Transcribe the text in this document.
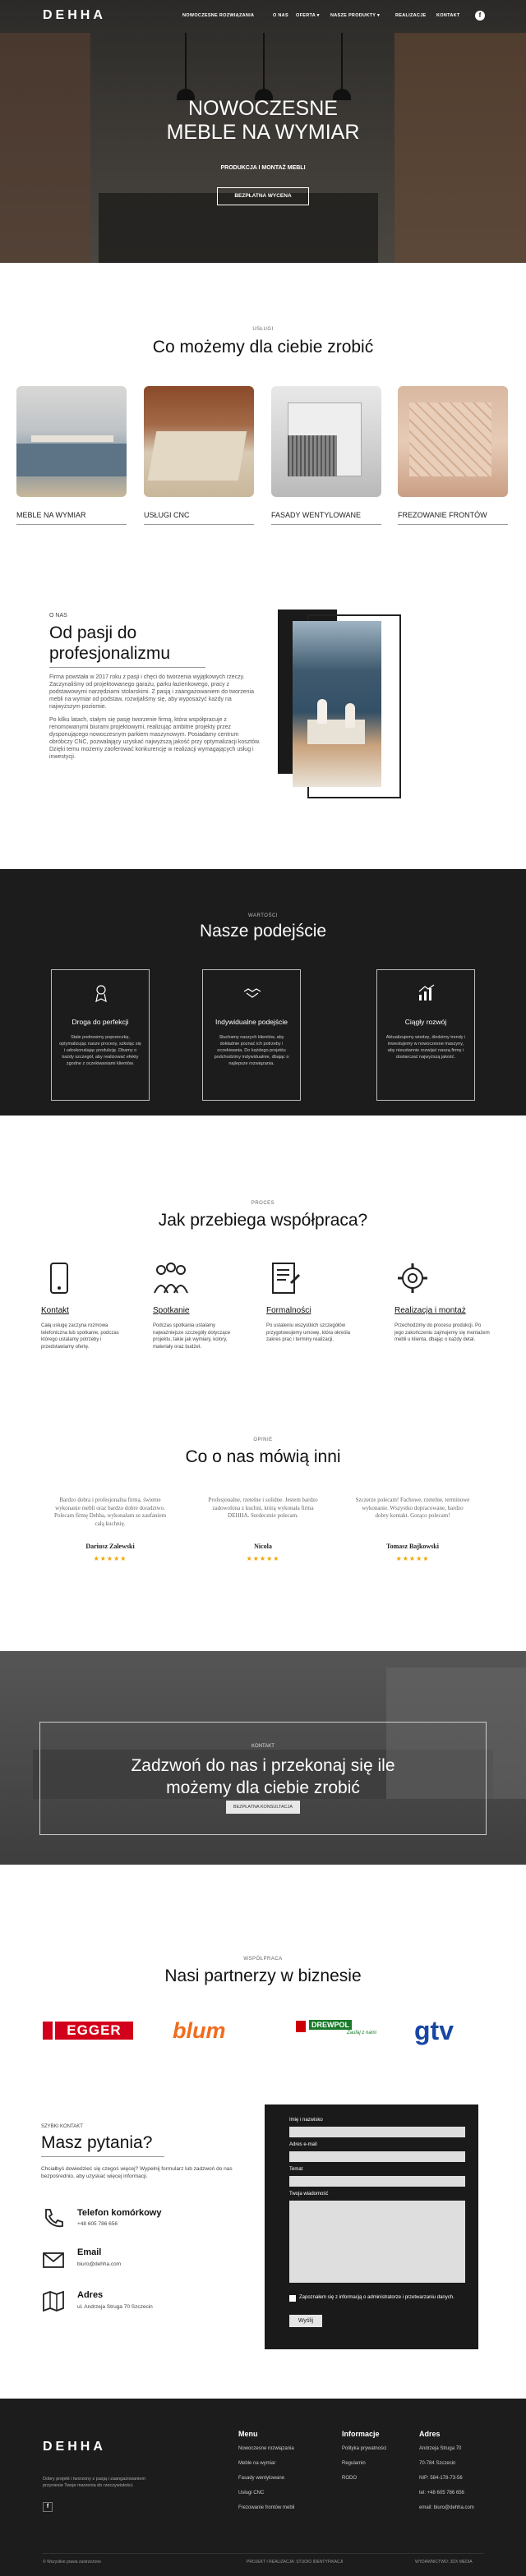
DEHHA	NOWOCZESNE ROZWIĄZANIA	O NAS OFERTA ▾ NASZE PRODUKTY ▾	REALIZACJE KONTAKT	f
NOWOCZESNE
MEBLE NA WYMIAR
PRODUKCJA I MONTAŻ MEBLI
BEZPŁATNA WYCENA
USŁUGI
Co możemy dla ciebie zrobić
MEBLE NA WYMIAR	USŁUGI CNC	FASADY WENTYLOWANE	FREZOWANIE FRONTÓW
O NAS
Od pasji do
profesjonalizmu
Firma powstała w 2017 roku z pasji i chęci do tworzenia wyjątkowych rzeczy. Zaczynaliśmy od projektowanego garażu, parku łazienkowego, pracy z podstawowymi narzędziami stolarskimi. Z pasją i zaangażowaniem do tworzenia mebli na wymiar od podstaw, rozwijaliśmy się, aby wyposażyć każdy na najwyższym poziomie.
Po kilku latach, stałym się pasję tworzenie firmą, która współpracuje z renomowanymi biurami projektowymi, realizując ambitne projekty przez dysponującego nowoczesnym parkiem maszynowym. Posiadamy centrum obróbczy CNC, pozwalający uzyskać najwyższą jakość przy optymalizacji kosztów. Dzięki temu możemy zaoferować konkurencję w realizacji wymagających usług i inwestycji.
WARTOŚCI
Nasze podejście
Droga do perfekcji
Stale podnosimy poprzeczkę, optymalizując nasze procesy, szkoląc się i udoskonalając produkcję. Dbamy o każdy szczegół, aby realizować efekty zgodne z oczekiwaniami klientów.
Indywidualne podejście
Słuchamy naszych klientów, aby dokładnie poznać ich potrzeby i oczekiwania. Do każdego projektu podchodzimy indywidualnie, dbając o najlepsze rozwiązania.
Ciągły rozwój
Aktualizujemy wiedzę, śledzimy trendy i inwestujemy w nowoczesne maszyny, aby nieustannie rozwijać naszą firmę i dostarczać najwyższą jakość.
PROCES
Jak przebiega współpraca?
Kontakt	Spotkanie	Formalności	Realizacja i montaż
Całą usługę zaczyna rozmowa telefoniczna lub spotkanie, podczas którego ustalamy potrzeby i przedstawiamy ofertę.
Podczas spotkania ustalamy najważniejsze szczegóły dotyczące projektu, takie jak wymiary, kolory, materiały oraz budżet.
Po ustaleniu wszystkich szczegółów przygotowujemy umowę, która określa zakres prac i terminy realizacji.
Przechodzimy do procesu produkcji. Po jego zakończeniu zajmujemy się montażem mebli u klienta, dbając o każdy detal.
OPINIE
Co o nas mówią inni
Bardzo dobra i profesjonalna firma, świetne wykonanie mebli oraz bardzo dobre doradztwo. Polecam firmę Dehha, wykonałam ze zaufaniem całą kuchnię.
Profesjonalne, rzetelne i solidne. Jestem bardzo zadowolona z kuchni, którą wykonała firma DEHHA. Serdecznie polecam.
Szczerze polecam! Fachowe, rzetelne, terminowe wykonanie. Wszystko dopracowane, bardzo dobry kontakt. Gorąco polecam!
Dariusz Zalewski	Nicola	Tomasz Bajkowski
★★★★★	★★★★★	★★★★★
KONTAKT
Zadzwoń do nas i przekonaj się ile
możemy dla ciebie zrobić
BEZPŁATNA KONSULTACJA
WSPÓŁPRACA
Nasi partnerzy w biznesie
EGGER	blum	DREWPOL
Zaufaj z nami gtv
SZYBKI KONTAKT
Masz pytania?
Chciałbyś dowiedzieć się czegoś więcej? Wypełnij formularz lub zadzwoń do nas bezpośrednio, aby uzyskać więcej informacji.
Telefon komórkowy
+48 605 786 656
Email
biuro@dehha.com
Adres
ul. Andrzeja Struga 70 Szczecin
Imię i nazwisko
Adres e-mail
Temat
Twoja wiadomość
Zapoznałem się z informacją o administratorze i przetwarzaniu danych.
Wyślij
DEHHA
Dobry projekt i tworzony z pasją i zaangażowaniem przyniesie Twoje marzenia do rzeczywistości.
f
Menu
Nowoczesne rozwiązania
Meble na wymiar
Fasady wentylowane
Usługi CNC
Frezowanie frontów mebli
Informacje
Polityka prywatności
Regulamin
RODO
Adres
Andrzeja Struga 70
70-784 Szczecin
NIP: 584-178-73-56
tel: +48 605 786 656
email: biuro@dehha.com
© Wszystkie prawa zastrzeżone	PROJEKT I REALIZACJA: STUDIO IDENTYFIKACJI	WYDAWNICTWO: 3DX MEDIA
